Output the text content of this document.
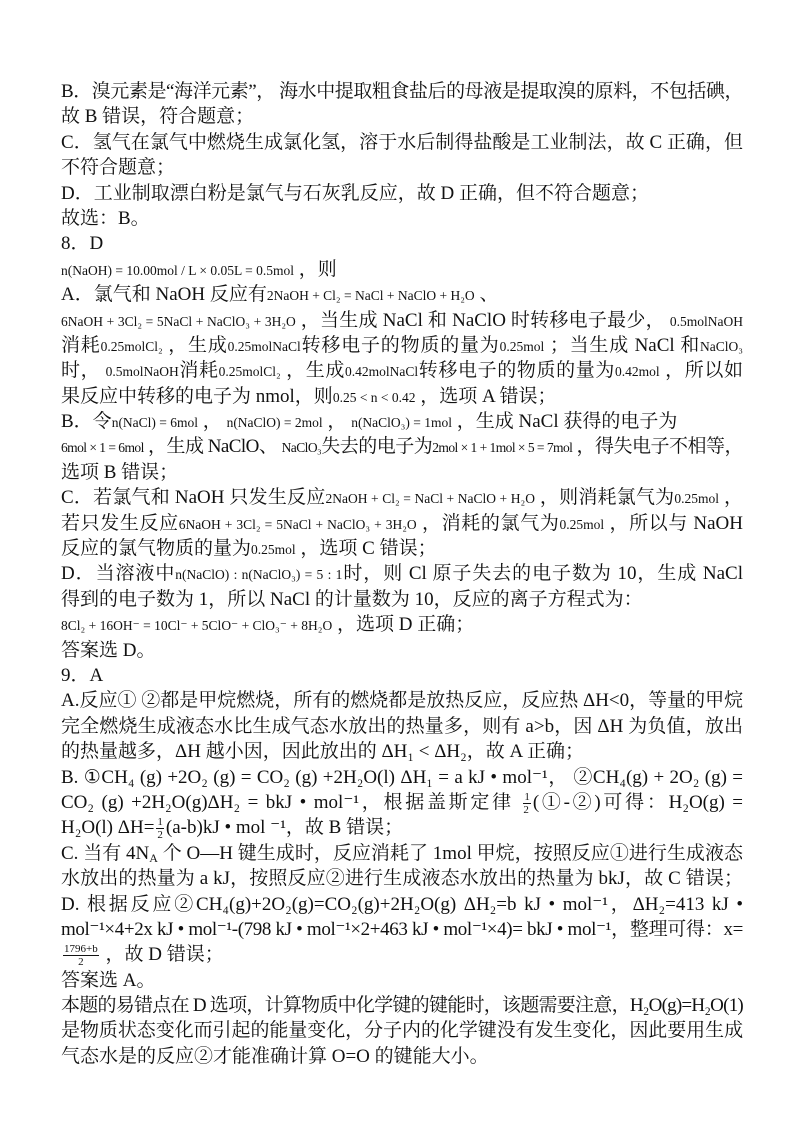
B．溴元素是“海洋元素”， 海水中提取粗食盐后的母液是提取溴的原料，不包括碘，
故 B 错误，符合题意；
C．氢气在氯气中燃烧生成氯化氢，溶于水后制得盐酸是工业制法，故 C 正确，但
不符合题意；
D．工业制取漂白粉是氯气与石灰乳反应，故 D 正确，但不符合题意；
故选：B。
8．D
n(NaOH) = 10.00mol / L × 0.05L = 0.5mol ，则
A．氯气和 NaOH 反应有2NaOH + Cl₂ = NaCl + NaClO + H₂O 、
6NaOH + 3Cl₂ = 5NaCl + NaClO₃ + 3H₂O ，当生成 NaCl 和 NaClO 时转移电子最少， 0.5molNaOH
消耗0.25molCl₂ ，生成0.25molNaCl转移电子的物质的量为0.25mol ；当生成 NaCl 和NaClO₃
时， 0.5molNaOH消耗0.25molCl₂ ，生成0.42molNaCl转移电子的物质的量为0.42mol ，所以如
果反应中转移的电子为 nmol，则0.25 < n < 0.42 ，选项 A 错误；
B．令n(NaCl) = 6mol ， n(NaClO) = 2mol ， n(NaClO₃) = 1mol ，生成 NaCl 获得的电子为
6mol × 1 = 6mol ，生成 NaClO、 NaClO₃失去的电子为2mol × 1 + 1mol × 5 = 7mol ，得失电子不相等，
选项 B 错误；
C．若氯气和 NaOH 只发生反应2NaOH + Cl₂ = NaCl + NaClO + H₂O ，则消耗氯气为0.25mol ，
若只发生反应6NaOH + 3Cl₂ = 5NaCl + NaClO₃ + 3H₂O ，消耗的氯气为0.25mol ，所以与 NaOH
反应的氯气物质的量为0.25mol ，选项 C 错误；
D．当溶液中n(NaClO) : n(NaClO₃) = 5 : 1时，则 Cl 原子失去的电子数为 10，生成 NaCl
得到的电子数为 1，所以 NaCl 的计量数为 10，反应的离子方程式为：
8Cl₂ + 16OH⁻ = 10Cl⁻ + 5ClO⁻ + ClO₃⁻ + 8H₂O ，选项 D 正确；
答案选 D。
9．A
A.反应① ②都是甲烷燃烧，所有的燃烧都是放热反应，反应热 ΔH<0，等量的甲烷
完全燃烧生成液态水比生成气态水放出的热量多，则有 a>b，因 ΔH 为负值，放出
的热量越多，ΔH 越小因，因此放出的 ΔH₁ < ΔH₂，故 A 正确；
B. ①CH₄ (g) +2O₂ (g) = CO₂ (g) +2H₂O(l) ΔH₁ = a kJ • mol⁻¹， ②CH₄(g) + 2O₂ (g) =
CO₂ (g) +2H₂O(g)ΔH₂ = bkJ • mol⁻¹，根据盖斯定律 $\frac{1}{2}$ (①-②)可得：H₂O(g) =
H₂O(l) $\Delta H= \frac{1}{2} (a-b)kJ$ • mol ⁻¹，故 B 错误；
C. 当有 $4N_A$ 个 O—H 键生成时，反应消耗了 1mol 甲烷，按照反应①进行生成液态
水放出的热量为 a kJ，按照反应②进行生成液态水放出的热量为 bkJ，故 C 错误；
D. 根据反应②CH₄(g)+2O₂(g)=CO₂(g)+2H₂O(g) ΔH₂=b kJ • mol⁻¹，ΔH₂=413 kJ •
mol⁻¹×4+2x kJ • mol⁻¹-(798 kJ • mol⁻¹×2+463 kJ • mol⁻¹×4)= bkJ • mol⁻¹，整理可得：x=
$\frac{1796+b}{2}$ ，故 D 错误；
答案选 A。
本题的易错点在 D 选项，计算物质中化学键的键能时，该题需要注意，H₂O(g)=H₂O(1)
是物质状态变化而引起的能量变化，分子内的化学键没有发生变化，因此要用生成
气态水是的反应②才能准确计算 O=O 的键能大小。
